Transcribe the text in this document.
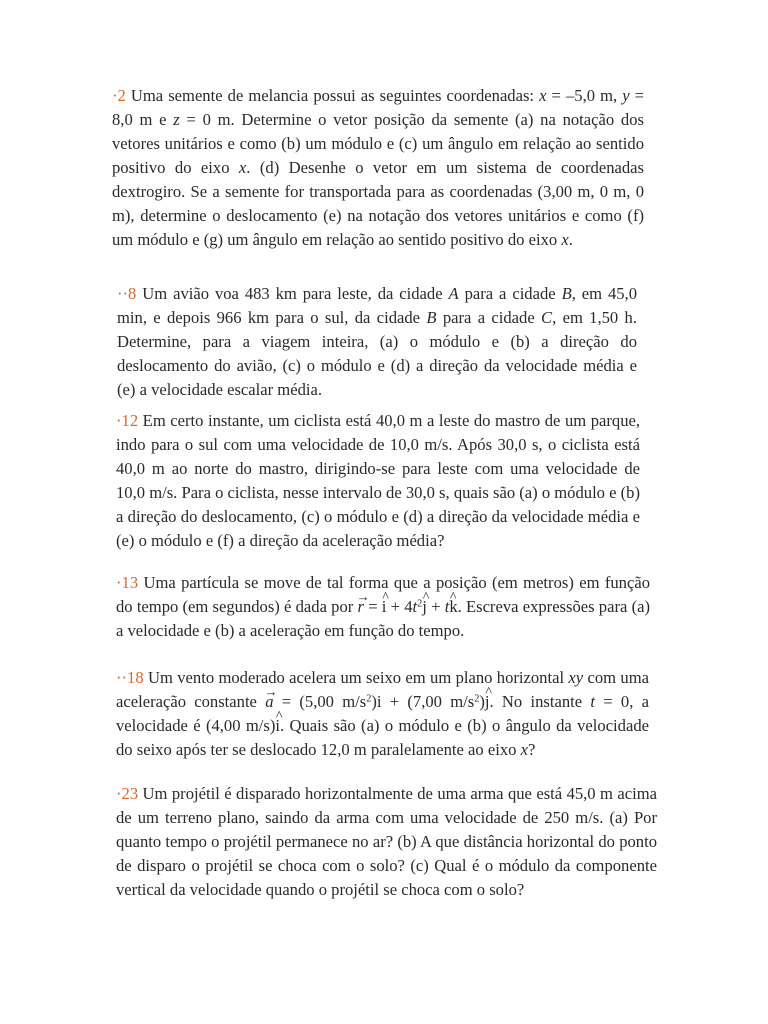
·2 Uma semente de melancia possui as seguintes coordenadas: x = –5,0 m, y = 8,0 m e z = 0 m. Determine o vetor posição da semente (a) na notação dos vetores unitários e como (b) um módulo e (c) um ângulo em relação ao sentido positivo do eixo x. (d) Desenhe o vetor em um sistema de coordenadas dextrogiro. Se a semente for transportada para as coordenadas (3,00 m, 0 m, 0 m), determine o deslocamento (e) na notação dos vetores unitários e como (f) um módulo e (g) um ângulo em relação ao sentido positivo do eixo x.

··8 Um avião voa 483 km para leste, da cidade A para a cidade B, em 45,0 min, e depois 966 km para o sul, da cidade B para a cidade C, em 1,50 h. Determine, para a viagem inteira, (a) o módulo e (b) a direção do deslocamento do avião, (c) o módulo e (d) a direção da velocidade média e (e) a velocidade escalar média.

·12 Em certo instante, um ciclista está 40,0 m a leste do mastro de um parque, indo para o sul com uma velocidade de 10,0 m/s. Após 30,0 s, o ciclista está 40,0 m ao norte do mastro, dirigindo-se para leste com uma velocidade de 10,0 m/s. Para o ciclista, nesse intervalo de 30,0 s, quais são (a) o módulo e (b) a direção do deslocamento, (c) o módulo e (d) a direção da velocidade média e (e) o módulo e (f) a direção da aceleração média?

·13 Uma partícula se move de tal forma que a posição (em metros) em função do tempo (em segundos) é dada por → r = ^ $i + 4t^2\^{}$ j + t^ k. Escreva expressões para (a) a velocidade e (b) a aceleração em função do tempo.

··18 Um vento moderado acelera um seixo em um plano horizontal xy com uma aceleração constante → a = (5,00 $m/s^2)i + (7,00$ $m/s^2)\^{}$ j. No instante t = 0, a velocidade é (4,00 m/s)^ i. Quais são (a) o módulo e (b) o ângulo da velocidade do seixo após ter se deslocado 12,0 m paralelamente ao eixo x?

·23 Um projétil é disparado horizontalmente de uma arma que está 45,0 m acima de um terreno plano, saindo da arma com uma velocidade de 250 m/s. (a) Por quanto tempo o projétil permanece no ar? (b) A que distância horizontal do ponto de disparo o projétil se choca com o solo? (c) Qual é o módulo da componente vertical da velocidade quando o projétil se choca com o solo?
